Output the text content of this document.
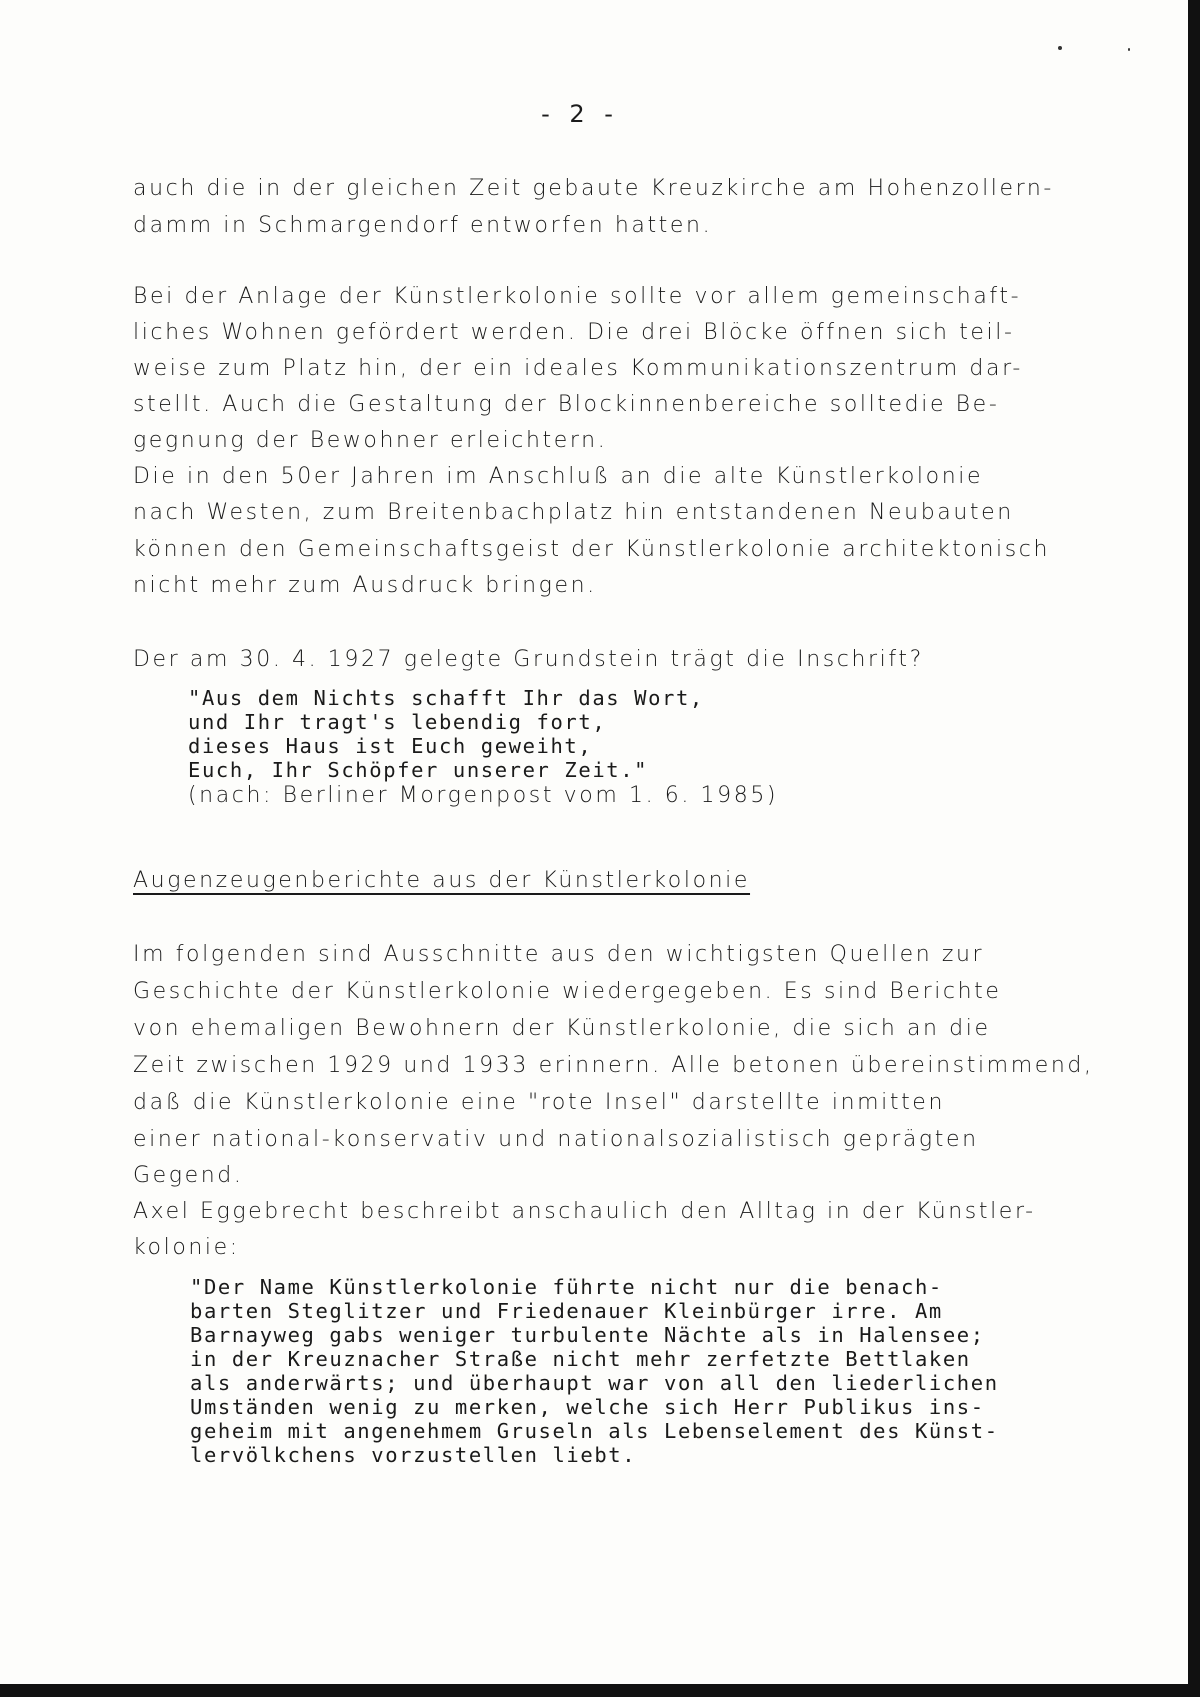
- 2 -
auch die in der gleichen Zeit gebaute Kreuzkirche am Hohenzollern-
damm in Schmargendorf entworfen hatten.
Bei der Anlage der Künstlerkolonie sollte vor allem gemeinschaft-
liches Wohnen gefördert werden. Die drei Blöcke öffnen sich teil-
weise zum Platz hin, der ein ideales Kommunikationszentrum dar-
stellt. Auch die Gestaltung der Blockinnenbereiche solltedie Be-
gegnung der Bewohner erleichtern.
Die in den 50er Jahren im Anschluß an die alte Künstlerkolonie
nach Westen, zum Breitenbachplatz hin entstandenen Neubauten
können den Gemeinschaftsgeist der Künstlerkolonie architektonisch
nicht mehr zum Ausdruck bringen.
Der am 30. 4. 1927 gelegte Grundstein trägt die Inschrift?
"Aus dem Nichts schafft Ihr das Wort,
und Ihr tragt's lebendig fort,
dieses Haus ist Euch geweiht,
Euch, Ihr Schöpfer unserer Zeit."
(nach: Berliner Morgenpost vom 1. 6. 1985)
Augenzeugenberichte aus der Künstlerkolonie
Im folgenden sind Ausschnitte aus den wichtigsten Quellen zur
Geschichte der Künstlerkolonie wiedergegeben. Es sind Berichte
von ehemaligen Bewohnern der Künstlerkolonie, die sich an die
Zeit zwischen 1929 und 1933 erinnern. Alle betonen übereinstimmend,
daß die Künstlerkolonie eine "rote Insel" darstellte inmitten
einer national-konservativ und nationalsozialistisch geprägten
Gegend.
Axel Eggebrecht beschreibt anschaulich den Alltag in der Künstler-
kolonie:
"Der Name Künstlerkolonie führte nicht nur die benach-
barten Steglitzer und Friedenauer Kleinbürger irre. Am
Barnayweg gabs weniger turbulente Nächte als in Halensee;
in der Kreuznacher Straße nicht mehr zerfetzte Bettlaken
als anderwärts; und überhaupt war von all den liederlichen
Umständen wenig zu merken, welche sich Herr Publikus ins-
geheim mit angenehmem Gruseln als Lebenselement des Künst-
lervölkchens vorzustellen liebt.
